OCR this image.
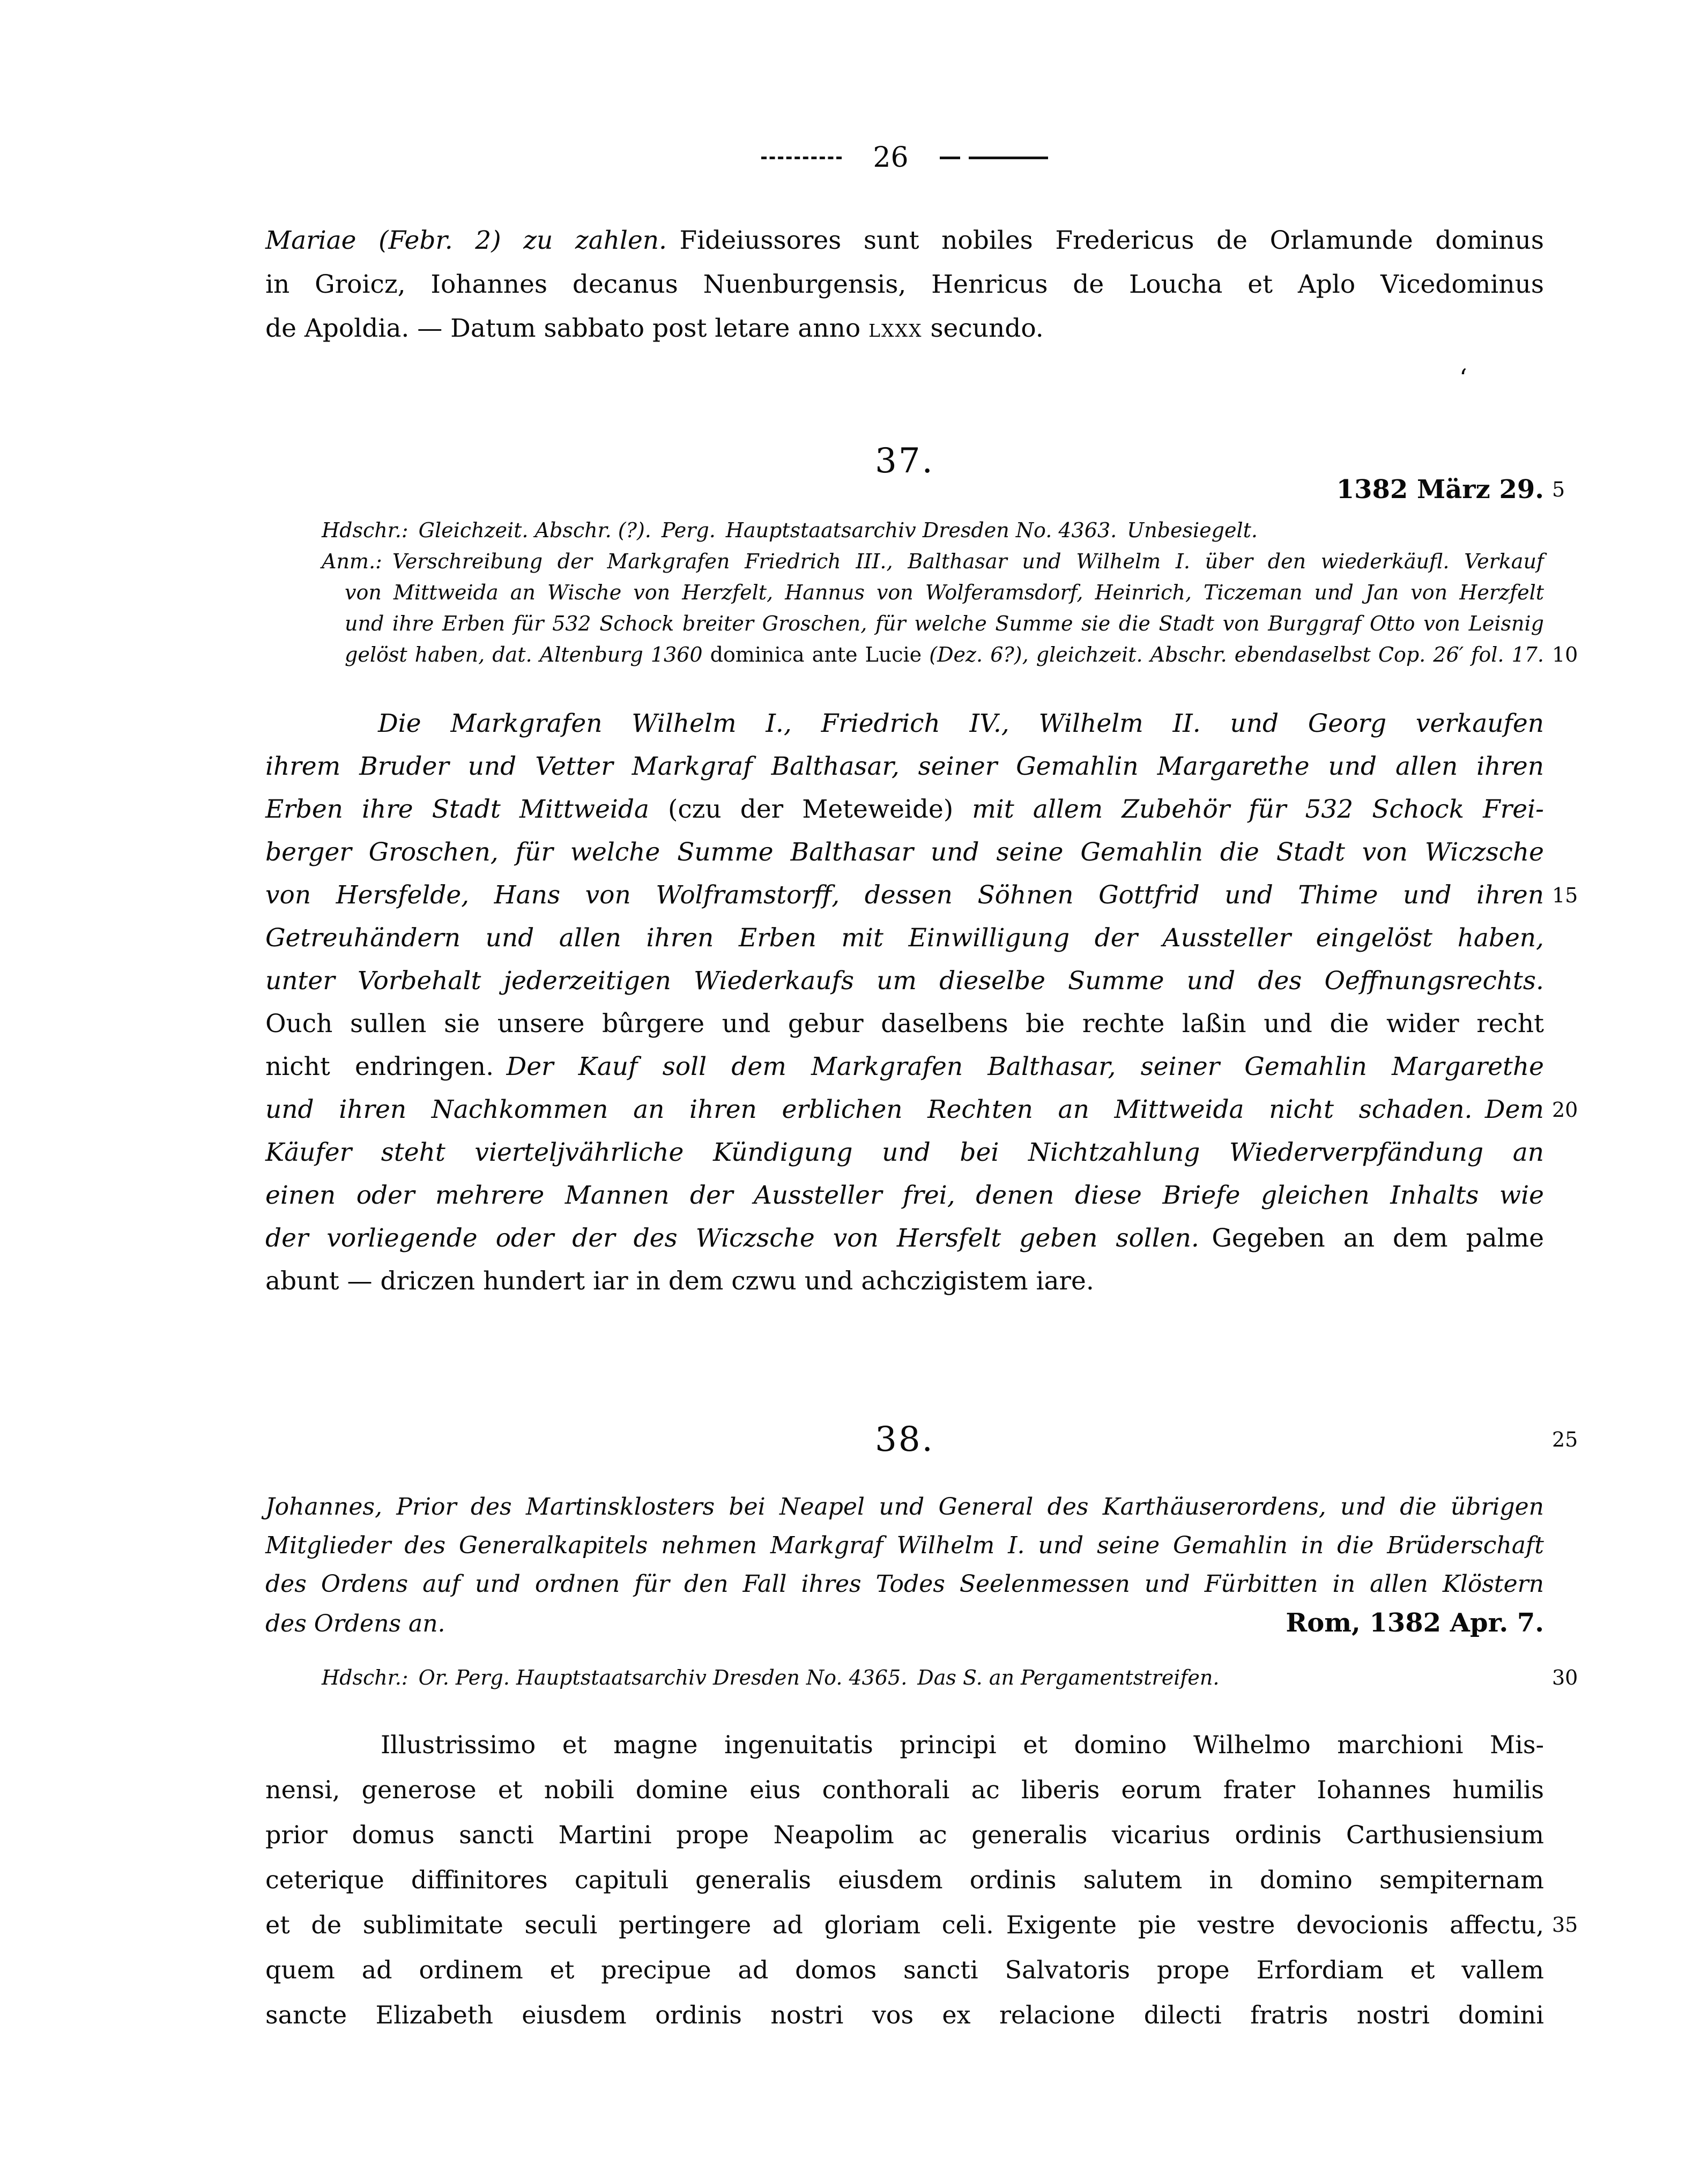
26
Mariae (Febr. 2) zu zahlen. Fideiussores sunt nobiles Fredericus de Orlamunde dominus
in Groicz, Iohannes decanus Nuenburgensis, Henricus de Loucha et Aplo Vicedominus
de Apoldia. — Datum sabbato post letare anno lxxx secundo.
‘
37.
1382 März 29. 5
Hdschr.: Gleichzeit. Abschr. (?). Perg. Hauptstaatsarchiv Dresden No. 4363. Unbesiegelt.
Anm.: Verschreibung der Markgrafen Friedrich III., Balthasar und Wilhelm I. über den wiederkäufl. Verkauf
von Mittweida an Wische von Herzfelt, Hannus von Wolferamsdorf, Heinrich, Ticzeman und Jan von Herzfelt
und ihre Erben für 532 Schock breiter Groschen, für welche Summe sie die Stadt von Burggraf Otto von Leisnig
gelöst haben, dat. Altenburg 1360 dominica ante Lucie (Dez. 6?), gleichzeit. Abschr. ebendaselbst Cop. 26′ fol. 17. 10
Die Markgrafen Wilhelm I., Friedrich IV., Wilhelm II. und Georg verkaufen
ihrem Bruder und Vetter Markgraf Balthasar, seiner Gemahlin Margarethe und allen ihren
Erben ihre Stadt Mittweida (czu der Meteweide) mit allem Zubehör für 532 Schock Frei-
berger Groschen, für welche Summe Balthasar und seine Gemahlin die Stadt von Wiczsche
von Hersfelde, Hans von Wolframstorff, dessen Söhnen Gottfrid und Thime und ihren 15
Getreuhändern und allen ihren Erben mit Einwilligung der Aussteller eingelöst haben,
unter Vorbehalt jederzeitigen Wiederkaufs um dieselbe Summe und des Oeffnungsrechts.
Ouch sullen sie unsere bûrgere und gebur daselbens bie rechte laßin und die wider recht
nicht endringen. Der Kauf soll dem Markgrafen Balthasar, seiner Gemahlin Margarethe
und ihren Nachkommen an ihren erblichen Rechten an Mittweida nicht schaden. Dem 20
Käufer steht vierteljvährliche Kündigung und bei Nichtzahlung Wiederverpfändung an
einen oder mehrere Mannen der Aussteller frei, denen diese Briefe gleichen Inhalts wie
der vorliegende oder der des Wiczsche von Hersfelt geben sollen. Gegeben an dem palme
abunt — driczen hundert iar in dem czwu und achczigistem iare.
38.	25
Johannes, Prior des Martinsklosters bei Neapel und General des Karthäuserordens, und die übrigen
Mitglieder des Generalkapitels nehmen Markgraf Wilhelm I. und seine Gemahlin in die Brüderschaft
des Ordens auf und ordnen für den Fall ihres Todes Seelenmessen und Fürbitten in allen Klöstern
des Ordens an.	Rom, 1382 Apr. 7.
Hdschr.: Or. Perg. Hauptstaatsarchiv Dresden No. 4365. Das S. an Pergamentstreifen.	30
Illustrissimo et magne ingenuitatis principi et domino Wilhelmo marchioni Mis-
nensi, generose et nobili domine eius conthorali ac liberis eorum frater Iohannes humilis
prior domus sancti Martini prope Neapolim ac generalis vicarius ordinis Carthusiensium
ceterique diffinitores capituli generalis eiusdem ordinis salutem in domino sempiternam
et de sublimitate seculi pertingere ad gloriam celi. Exigente pie vestre devocionis affectu, 35
quem ad ordinem et precipue ad domos sancti Salvatoris prope Erfordiam et vallem
sancte Elizabeth eiusdem ordinis nostri vos ex relacione dilecti fratris nostri domini
